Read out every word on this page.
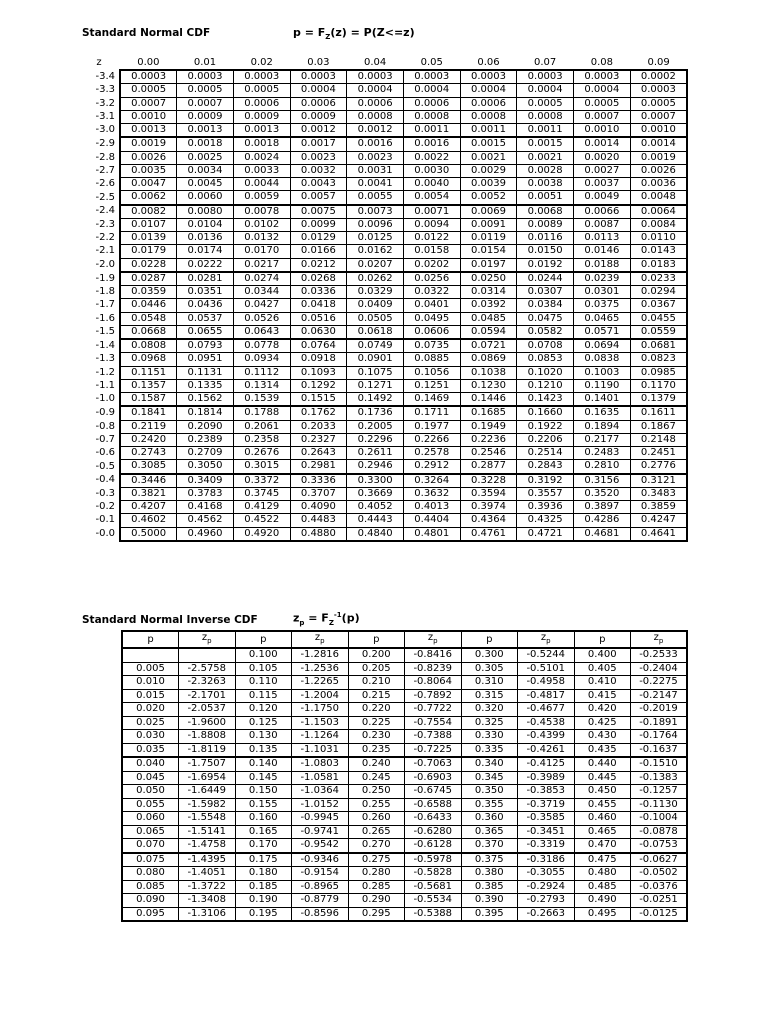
Standard Normal CDF	$p = F_Z(z) = P(Z<=z)$
z	0.00	0.01	0.02	0.03	0.04	0.05	0.06	0.07	0.08	0.09
-3.4	0.0003	0.0003	0.0003	0.0003	0.0003	0.0003	0.0003	0.0003	0.0003	0.0002
-3.3	0.0005	0.0005	0.0005	0.0004	0.0004	0.0004	0.0004	0.0004	0.0004	0.0003
-3.2	0.0007	0.0007	0.0006	0.0006	0.0006	0.0006	0.0006	0.0005	0.0005	0.0005
-3.1	0.0010	0.0009	0.0009	0.0009	0.0008	0.0008	0.0008	0.0008	0.0007	0.0007
-3.0	0.0013	0.0013	0.0013	0.0012	0.0012	0.0011	0.0011	0.0011	0.0010	0.0010
-2.9	0.0019	0.0018	0.0018	0.0017	0.0016	0.0016	0.0015	0.0015	0.0014	0.0014
-2.8	0.0026	0.0025	0.0024	0.0023	0.0023	0.0022	0.0021	0.0021	0.0020	0.0019
-2.7	0.0035	0.0034	0.0033	0.0032	0.0031	0.0030	0.0029	0.0028	0.0027	0.0026
-2.6	0.0047	0.0045	0.0044	0.0043	0.0041	0.0040	0.0039	0.0038	0.0037	0.0036
-2.5	0.0062	0.0060	0.0059	0.0057	0.0055	0.0054	0.0052	0.0051	0.0049	0.0048
-2.4	0.0082	0.0080	0.0078	0.0075	0.0073	0.0071	0.0069	0.0068	0.0066	0.0064
-2.3	0.0107	0.0104	0.0102	0.0099	0.0096	0.0094	0.0091	0.0089	0.0087	0.0084
-2.2	0.0139	0.0136	0.0132	0.0129	0.0125	0.0122	0.0119	0.0116	0.0113	0.0110
-2.1	0.0179	0.0174	0.0170	0.0166	0.0162	0.0158	0.0154	0.0150	0.0146	0.0143
-2.0	0.0228	0.0222	0.0217	0.0212	0.0207	0.0202	0.0197	0.0192	0.0188	0.0183
-1.9	0.0287	0.0281	0.0274	0.0268	0.0262	0.0256	0.0250	0.0244	0.0239	0.0233
-1.8	0.0359	0.0351	0.0344	0.0336	0.0329	0.0322	0.0314	0.0307	0.0301	0.0294
-1.7	0.0446	0.0436	0.0427	0.0418	0.0409	0.0401	0.0392	0.0384	0.0375	0.0367
-1.6	0.0548	0.0537	0.0526	0.0516	0.0505	0.0495	0.0485	0.0475	0.0465	0.0455
-1.5	0.0668	0.0655	0.0643	0.0630	0.0618	0.0606	0.0594	0.0582	0.0571	0.0559
-1.4	0.0808	0.0793	0.0778	0.0764	0.0749	0.0735	0.0721	0.0708	0.0694	0.0681
-1.3	0.0968	0.0951	0.0934	0.0918	0.0901	0.0885	0.0869	0.0853	0.0838	0.0823
-1.2	0.1151	0.1131	0.1112	0.1093	0.1075	0.1056	0.1038	0.1020	0.1003	0.0985
-1.1	0.1357	0.1335	0.1314	0.1292	0.1271	0.1251	0.1230	0.1210	0.1190	0.1170
-1.0	0.1587	0.1562	0.1539	0.1515	0.1492	0.1469	0.1446	0.1423	0.1401	0.1379
-0.9	0.1841	0.1814	0.1788	0.1762	0.1736	0.1711	0.1685	0.1660	0.1635	0.1611
-0.8	0.2119	0.2090	0.2061	0.2033	0.2005	0.1977	0.1949	0.1922	0.1894	0.1867
-0.7	0.2420	0.2389	0.2358	0.2327	0.2296	0.2266	0.2236	0.2206	0.2177	0.2148
-0.6	0.2743	0.2709	0.2676	0.2643	0.2611	0.2578	0.2546	0.2514	0.2483	0.2451
-0.5	0.3085	0.3050	0.3015	0.2981	0.2946	0.2912	0.2877	0.2843	0.2810	0.2776
-0.4	0.3446	0.3409	0.3372	0.3336	0.3300	0.3264	0.3228	0.3192	0.3156	0.3121
-0.3	0.3821	0.3783	0.3745	0.3707	0.3669	0.3632	0.3594	0.3557	0.3520	0.3483
-0.2	0.4207	0.4168	0.4129	0.4090	0.4052	0.4013	0.3974	0.3936	0.3897	0.3859
-0.1	0.4602	0.4562	0.4522	0.4483	0.4443	0.4404	0.4364	0.4325	0.4286	0.4247
-0.0	0.5000	0.4960	0.4920	0.4880	0.4840	0.4801	0.4761	0.4721	0.4681	0.4641
Standard Normal Inverse CDF	$z_p = F_Z^{-1}(p)$
p	$z_p$	p	$z_p$	p	$z_p$	p	$z_p$	p	$z_p$
		0.100	-1.2816	0.200	-0.8416	0.300	-0.5244	0.400	-0.2533
0.005	-2.5758	0.105	-1.2536	0.205	-0.8239	0.305	-0.5101	0.405	-0.2404
0.010	-2.3263	0.110	-1.2265	0.210	-0.8064	0.310	-0.4958	0.410	-0.2275
0.015	-2.1701	0.115	-1.2004	0.215	-0.7892	0.315	-0.4817	0.415	-0.2147
0.020	-2.0537	0.120	-1.1750	0.220	-0.7722	0.320	-0.4677	0.420	-0.2019
0.025	-1.9600	0.125	-1.1503	0.225	-0.7554	0.325	-0.4538	0.425	-0.1891
0.030	-1.8808	0.130	-1.1264	0.230	-0.7388	0.330	-0.4399	0.430	-0.1764
0.035	-1.8119	0.135	-1.1031	0.235	-0.7225	0.335	-0.4261	0.435	-0.1637
0.040	-1.7507	0.140	-1.0803	0.240	-0.7063	0.340	-0.4125	0.440	-0.1510
0.045	-1.6954	0.145	-1.0581	0.245	-0.6903	0.345	-0.3989	0.445	-0.1383
0.050	-1.6449	0.150	-1.0364	0.250	-0.6745	0.350	-0.3853	0.450	-0.1257
0.055	-1.5982	0.155	-1.0152	0.255	-0.6588	0.355	-0.3719	0.455	-0.1130
0.060	-1.5548	0.160	-0.9945	0.260	-0.6433	0.360	-0.3585	0.460	-0.1004
0.065	-1.5141	0.165	-0.9741	0.265	-0.6280	0.365	-0.3451	0.465	-0.0878
0.070	-1.4758	0.170	-0.9542	0.270	-0.6128	0.370	-0.3319	0.470	-0.0753
0.075	-1.4395	0.175	-0.9346	0.275	-0.5978	0.375	-0.3186	0.475	-0.0627
0.080	-1.4051	0.180	-0.9154	0.280	-0.5828	0.380	-0.3055	0.480	-0.0502
0.085	-1.3722	0.185	-0.8965	0.285	-0.5681	0.385	-0.2924	0.485	-0.0376
0.090	-1.3408	0.190	-0.8779	0.290	-0.5534	0.390	-0.2793	0.490	-0.0251
0.095	-1.3106	0.195	-0.8596	0.295	-0.5388	0.395	-0.2663	0.495	-0.0125
